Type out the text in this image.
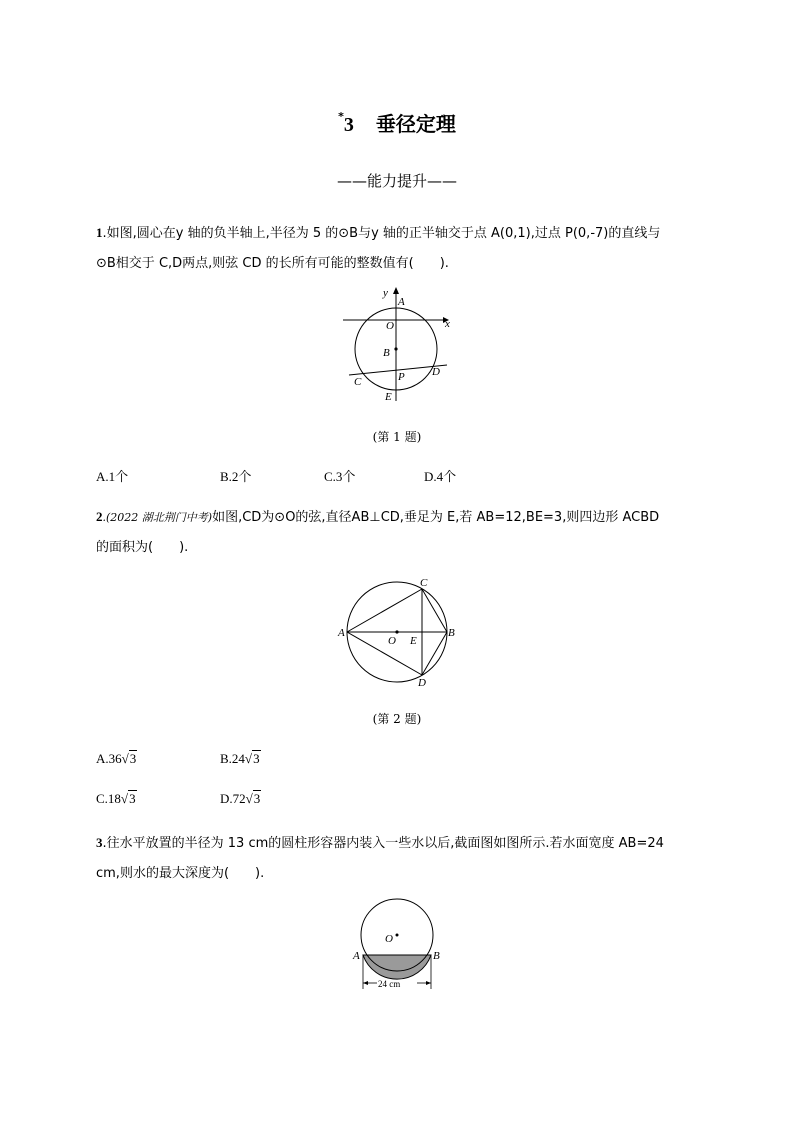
*3 垂径定理
——能力提升——
1.如图,圆心在y 轴的负半轴上,半径为 5 的⊙B与y 轴的正半轴交于点 A(0,1),过点 P(0,-7)的直线与
⊙B相交于 C,D两点,则弦 CD 的长所有可能的整数值有(　　).
y
A
O	x
B
C	P D
E
(第 1 题)
A.1个	B.2个	C.3个	D.4个
2.(2022 湖北荆门中考)如图,CD为⊙O的弦,直径AB⊥CD,垂足为 E,若 AB=12,BE=3,则四边形 ACBD
的面积为(　　).
A	B
C
D
O E
(第 2 题)
A.36√3	B.24√3
C.18√3	D.72√3
3.往水平放置的半径为 13 cm的圆柱形容器内装入一些水以后,截面图如图所示.若水面宽度 AB=24
cm,则水的最大深度为(　　).
O
A	B
24 cm
